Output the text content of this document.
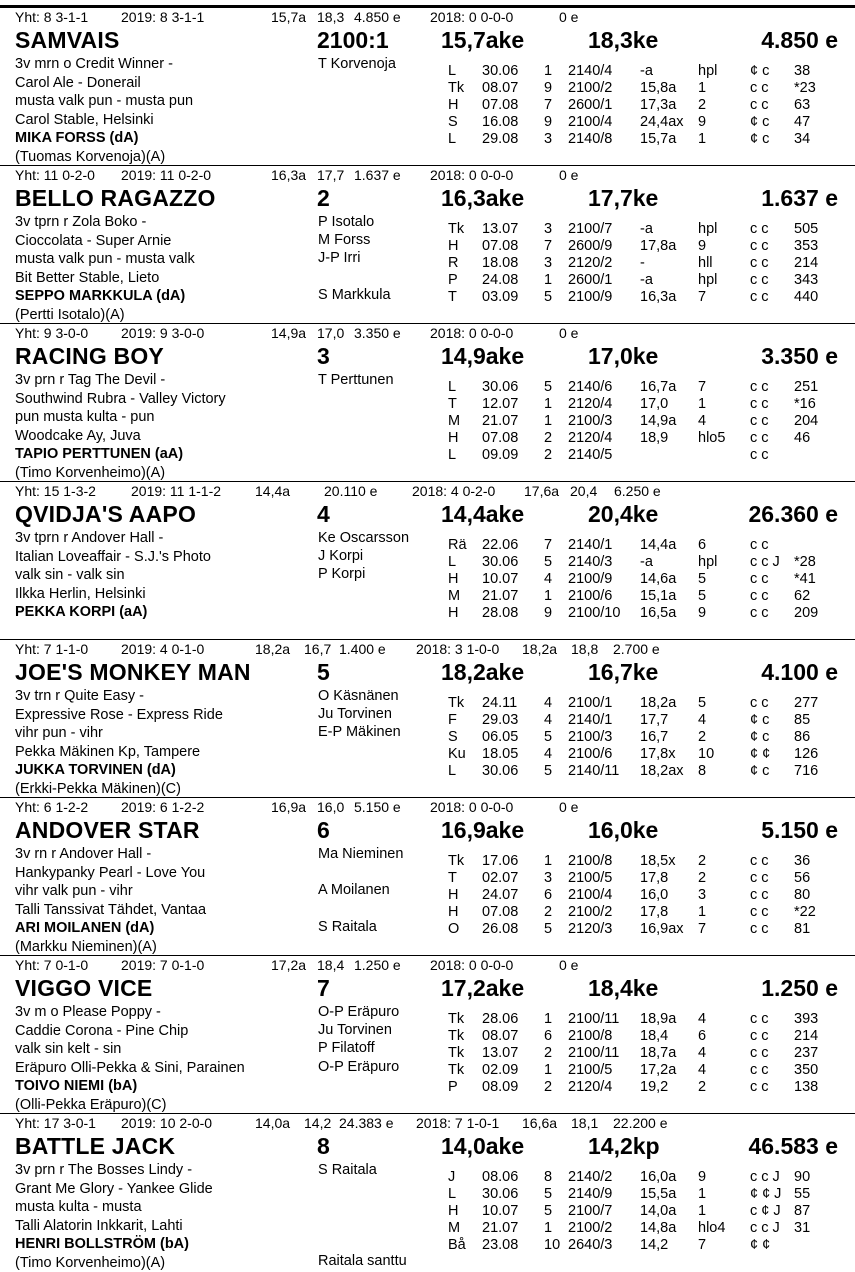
Yht: 8 3-1-1 2019: 8 3-1-1	15,7a 18,3 4.850 e 2018: 0 0-0-0	0 e
SAMVAIS	2100:1 15,7ake	18,3ke	4.850 e
3v mrn o Credit Winner -
Carol Ale - Donerail
musta valk pun - musta pun
Carol Stable, Helsinki
MIKA FORSS (dA)
(Tuomas Korvenoja)(A)
T Korvenoja	L 30.06 1 2140/4 -a	hpl ¢ c 38
Tk 08.07 9 2100/2 15,8a 1	c c *23
H 07.08 7 2600/1 17,3a 2	c c 63
S 16.08 9 2100/4 24,4ax 9	¢ c 47
L 29.08 3 2140/8 15,7a 1	¢ c 34
Yht: 11 0-2-0 2019: 11 0-2-0	16,3a 17,7 1.637 e 2018: 0 0-0-0	0 e
BELLO RAGAZZO	2	16,3ake	17,7ke	1.637 e
3v tprn r Zola Boko -
Cioccolata - Super Arnie
musta valk pun - musta valk
Bit Better Stable, Lieto
SEPPO MARKKULA (dA)
(Pertti Isotalo)(A)
P Isotalo
M Forss
J-P Irri
S Markkula
Tk 13.07 3 2100/7 -a	hpl c c 505
H 07.08 7 2600/9 17,8a 9	c c 353
R 18.08 3 2120/2 -	hll	c c 214
P 24.08 1 2600/1 -a	hpl c c 343
T 03.09 5 2100/9 16,3a 7	c c 440
Yht: 9 3-0-0 2019: 9 3-0-0	14,9a 17,0 3.350 e 2018: 0 0-0-0	0 e
RACING BOY	3	14,9ake	17,0ke	3.350 e
3v prn r Tag The Devil -
Southwind Rubra - Valley Victory
pun musta kulta - pun
Woodcake Ay, Juva
TAPIO PERTTUNEN (aA)
(Timo Korvenheimo)(A)
T Perttunen	L 30.06 5 2140/6 16,7a 7	c c 251
T 12.07 1 2120/4 17,0 1	c c *16
M 21.07 1 2100/3 14,9a 4	c c 204
H 07.08 2 2120/4 18,9 hlo5 c c 46
L 09.09 2 2140/5	c c
Yht: 15 1-3-2	2019: 11 1-1-2 14,4a 20.110 e 2018: 4 0-2-0 17,6a 20,4 6.250 e
QVIDJA'S AAPO	4	14,4ake	20,4ke	26.360 e
3v tprn r Andover Hall -
Italian Loveaffair - S.J.'s Photo
valk sin - valk sin
Ilkka Herlin, Helsinki
PEKKA KORPI (aA)
Ke Oscarsson
J Korpi
P Korpi
Rä 22.06 7 2140/1 14,4a 6	c c
L 30.06 5 2140/3 -a	hpl c c J *28
H 10.07 4 2100/9 14,6a 5	c c *41
M 21.07 1 2100/6 15,1a 5	c c 62
H 28.08 9 2100/10 16,5a 9	c c 209
Yht: 7 1-1-0 2019: 4 0-1-0	18,2a 16,7 1.400 e 2018: 3 1-0-0 18,2a 18,8 2.700 e
JOE'S MONKEY MAN	5	18,2ake	16,7ke	4.100 e
3v trn r Quite Easy -
Expressive Rose - Express Ride
vihr pun - vihr
Pekka Mäkinen Kp, Tampere
JUKKA TORVINEN (dA)
(Erkki-Pekka Mäkinen)(C)
O Käsnänen
Ju Torvinen
E-P Mäkinen
Tk 24.11 4 2100/1 18,2a 5	c c 277
F 29.03 4 2140/1 17,7 4	¢ c 85
S 06.05 5 2100/3 16,7 2	¢ c 86
Ku 18.05 4 2100/6 17,8x 10 ¢ ¢ 126
L 30.06 5 2140/11 18,2ax 8	¢ c 716
Yht: 6 1-2-2 2019: 6 1-2-2	16,9a 16,0 5.150 e 2018: 0 0-0-0	0 e
ANDOVER STAR	6	16,9ake	16,0ke	5.150 e
3v rn r Andover Hall -
Hankypanky Pearl - Love You
vihr valk pun - vihr
Talli Tanssivat Tähdet, Vantaa
ARI MOILANEN (dA)
(Markku Nieminen)(A)
Ma Nieminen
A Moilanen
S Raitala
Tk 17.06 1 2100/8 18,5x 2	c c 36
T 02.07 3 2100/5 17,8 2	c c 56
H 24.07 6 2100/4 16,0 3	c c 80
H 07.08 2 2100/2 17,8 1	c c *22
O 26.08 5 2120/3 16,9ax 7	c c 81
Yht: 7 0-1-0 2019: 7 0-1-0	17,2a 18,4 1.250 e 2018: 0 0-0-0	0 e
VIGGO VICE	7	17,2ake	18,4ke	1.250 e
3v m o Please Poppy -
Caddie Corona - Pine Chip
valk sin kelt - sin
Eräpuro Olli-Pekka & Sini, Parainen
TOIVO NIEMI (bA)
(Olli-Pekka Eräpuro)(C)
O-P Eräpuro
Ju Torvinen
P Filatoff
O-P Eräpuro
Tk 28.06 1 2100/11 18,9a 4	c c 393
Tk 08.07 6 2100/8 18,4 6	c c 214
Tk 13.07 2 2100/11 18,7a 4	c c 237
Tk 02.09 1 2100/5 17,2a 4	c c 350
P 08.09 2 2120/4 19,2 2	c c 138
Yht: 17 3-0-1 2019: 10 2-0-0	14,0a 14,2 24.383 e 2018: 7 1-0-1 16,6a 18,1 22.200 e
BATTLE JACK	8	14,0ake	14,2kp	46.583 e
3v prn r The Bosses Lindy -
Grant Me Glory - Yankee Glide
musta kulta - musta
Talli Alatorin Inkkarit, Lahti
HENRI BOLLSTRÖM (bA)
(Timo Korvenheimo)(A)
S Raitala
Raitala santtu
J 08.06 8 2140/2 16,0a 9	c c J 90
L 30.06 5 2140/9 15,5a 1	¢ ¢ J 55
H 10.07 5 2100/7 14,0a 1	c ¢ J 87
M 21.07 1 2100/2 14,8a hlo4 c c J 31
Bå 23.08 10 2640/3 14,2 7	¢ ¢
